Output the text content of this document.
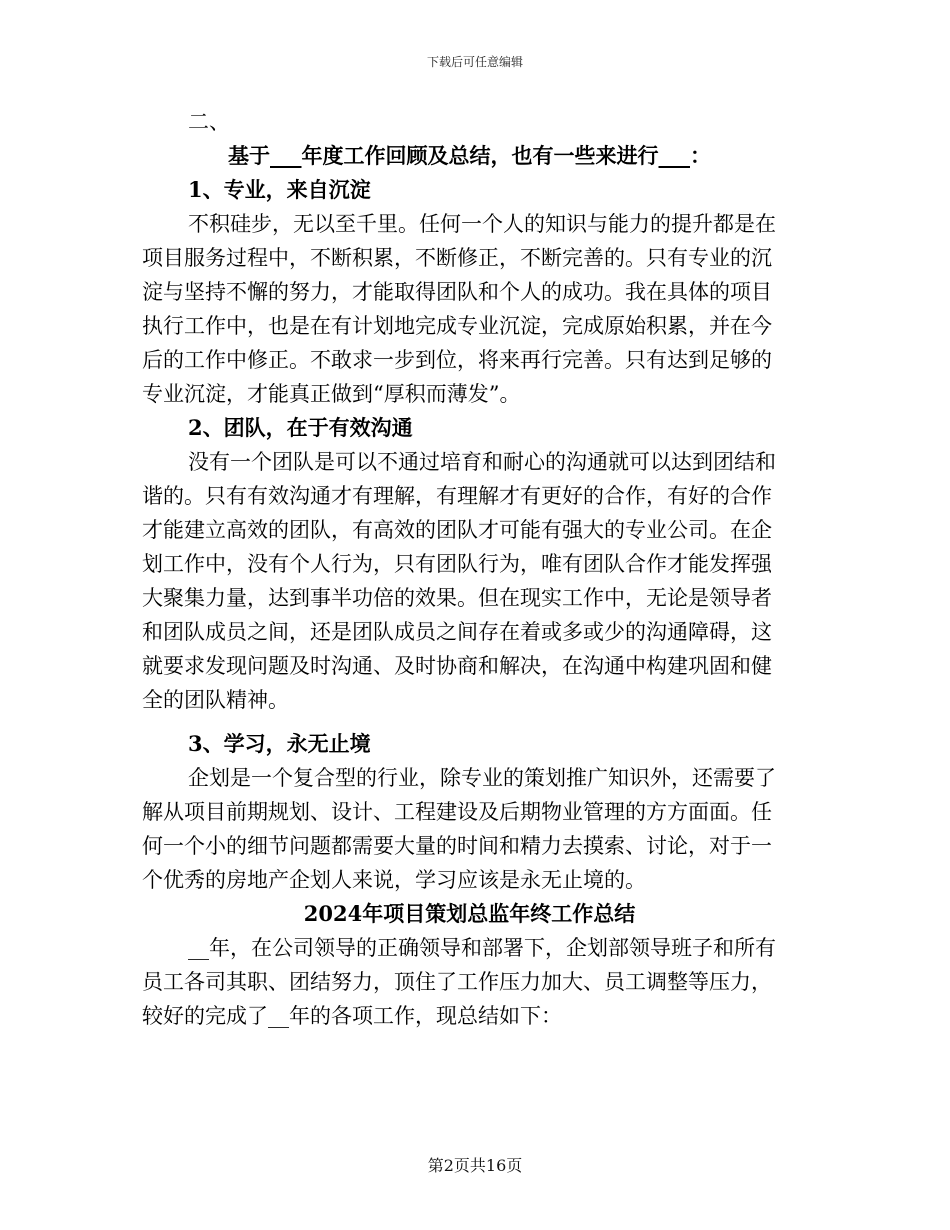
下载后可任意编辑
二、
基于___年度工作回顾及总结，也有一些来进行___：
1、专业，来自沉淀
不积硅步，无以至千里。任何一个人的知识与能力的提升都是在
项目服务过程中，不断积累，不断修正，不断完善的。只有专业的沉
淀与坚持不懈的努力，才能取得团队和个人的成功。我在具体的项目
执行工作中，也是在有计划地完成专业沉淀，完成原始积累，并在今
后的工作中修正。不敢求一步到位，将来再行完善。只有达到足够的
专业沉淀，才能真正做到“厚积而薄发”。
2、团队，在于有效沟通
没有一个团队是可以不通过培育和耐心的沟通就可以达到团结和
谐的。只有有效沟通才有理解，有理解才有更好的合作，有好的合作
才能建立高效的团队，有高效的团队才可能有强大的专业公司。在企
划工作中，没有个人行为，只有团队行为，唯有团队合作才能发挥强
大聚集力量，达到事半功倍的效果。但在现实工作中，无论是领导者
和团队成员之间，还是团队成员之间存在着或多或少的沟通障碍，这
就要求发现问题及时沟通、及时协商和解决，在沟通中构建巩固和健
全的团队精神。
3、学习，永无止境
企划是一个复合型的行业，除专业的策划推广知识外，还需要了
解从项目前期规划、设计、工程建设及后期物业管理的方方面面。任
何一个小的细节问题都需要大量的时间和精力去摸索、讨论，对于一
个优秀的房地产企划人来说，学习应该是永无止境的。
2024年项目策划总监年终工作总结
__年，在公司领导的正确领导和部署下，企划部领导班子和所有
员工各司其职、团结努力，顶住了工作压力加大、员工调整等压力，
较好的完成了__年的各项工作，现总结如下：
第2页共16页
